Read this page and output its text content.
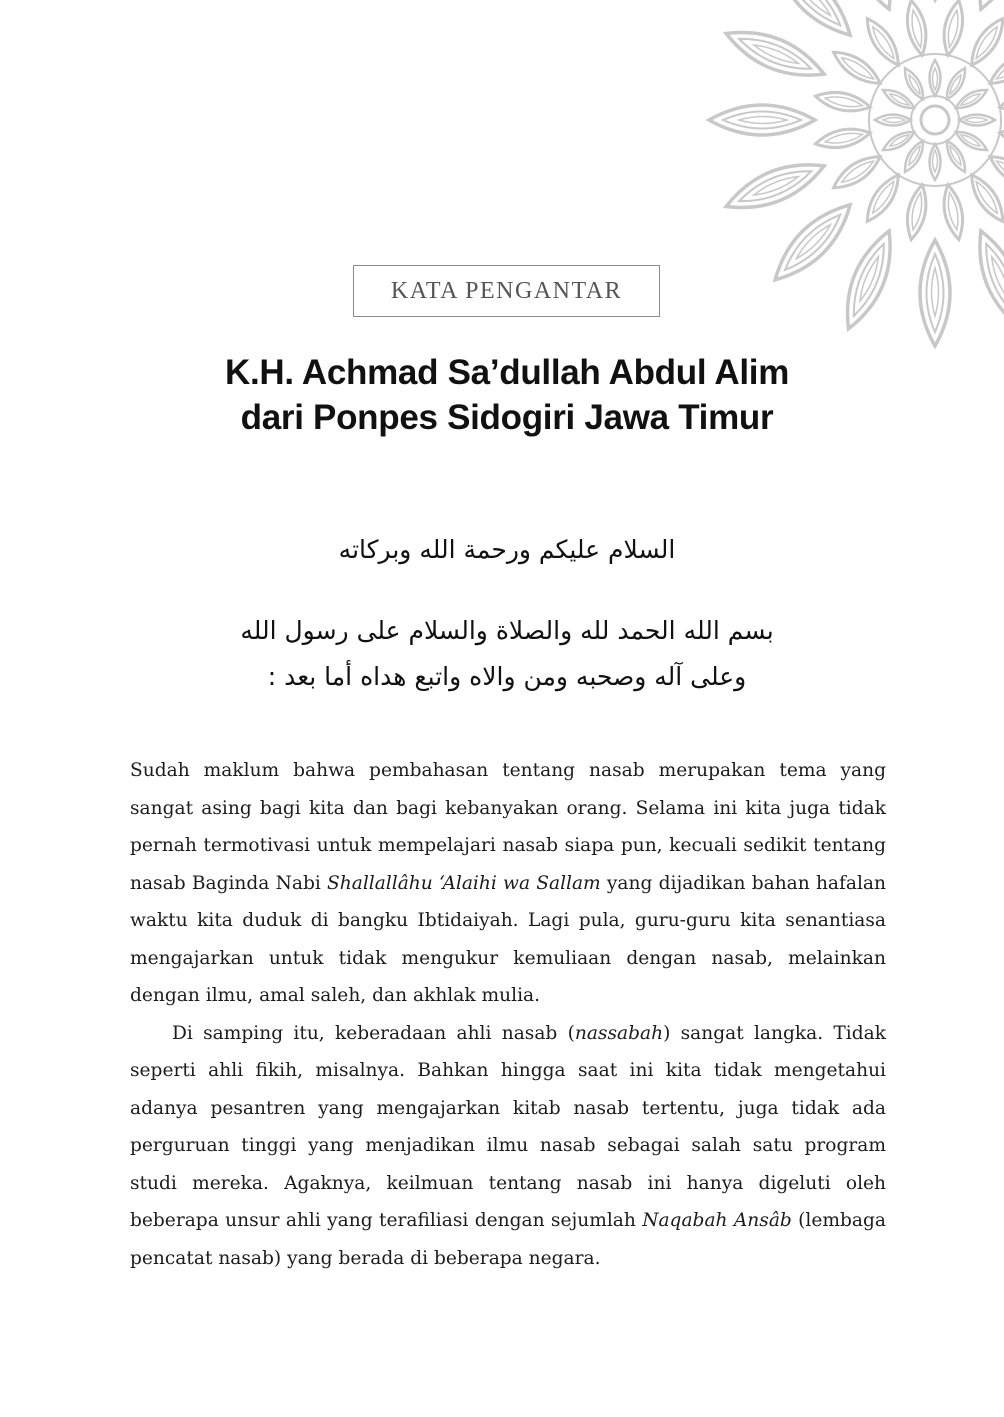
KATA PENGANTAR
K.H. Achmad Sa’dullah Abdul Alim
dari Ponpes Sidogiri Jawa Timur
السلام عليكم ورحمة الله وبركاته
بسم الله الحمد لله والصلاة والسلام على رسول الله
وعلى آله وصحبه ومن والاه واتبع هداه أما بعد :

Sudah maklum bahwa pembahasan tentang nasab merupakan tema yang sangat asing bagi kita dan bagi kebanyakan orang. Selama ini kita juga tidak pernah termotivasi untuk mempelajari nasab siapa pun, kecuali sedikit tentang nasab Baginda Nabi Shallallâhu ‘Alaihi wa Sallam yang dijadikan bahan hafalan waktu kita duduk di bangku Ibtidaiyah. Lagi pula, guru-guru kita senantiasa mengajarkan untuk tidak mengukur kemuliaan dengan nasab, melainkan dengan ilmu, amal saleh, dan akhlak mulia.

Di samping itu, keberadaan ahli nasab (nassabah) sangat langka. Tidak seperti ahli fikih, misalnya. Bahkan hingga saat ini kita tidak mengetahui adanya pesantren yang mengajarkan kitab nasab tertentu, juga tidak ada perguruan tinggi yang menjadikan ilmu nasab sebagai salah satu program studi mereka. Agaknya, keilmuan tentang nasab ini hanya digeluti oleh beberapa unsur ahli yang terafiliasi dengan sejumlah Naqabah Ansâb (lembaga pencatat nasab) yang berada di beberapa negara.
